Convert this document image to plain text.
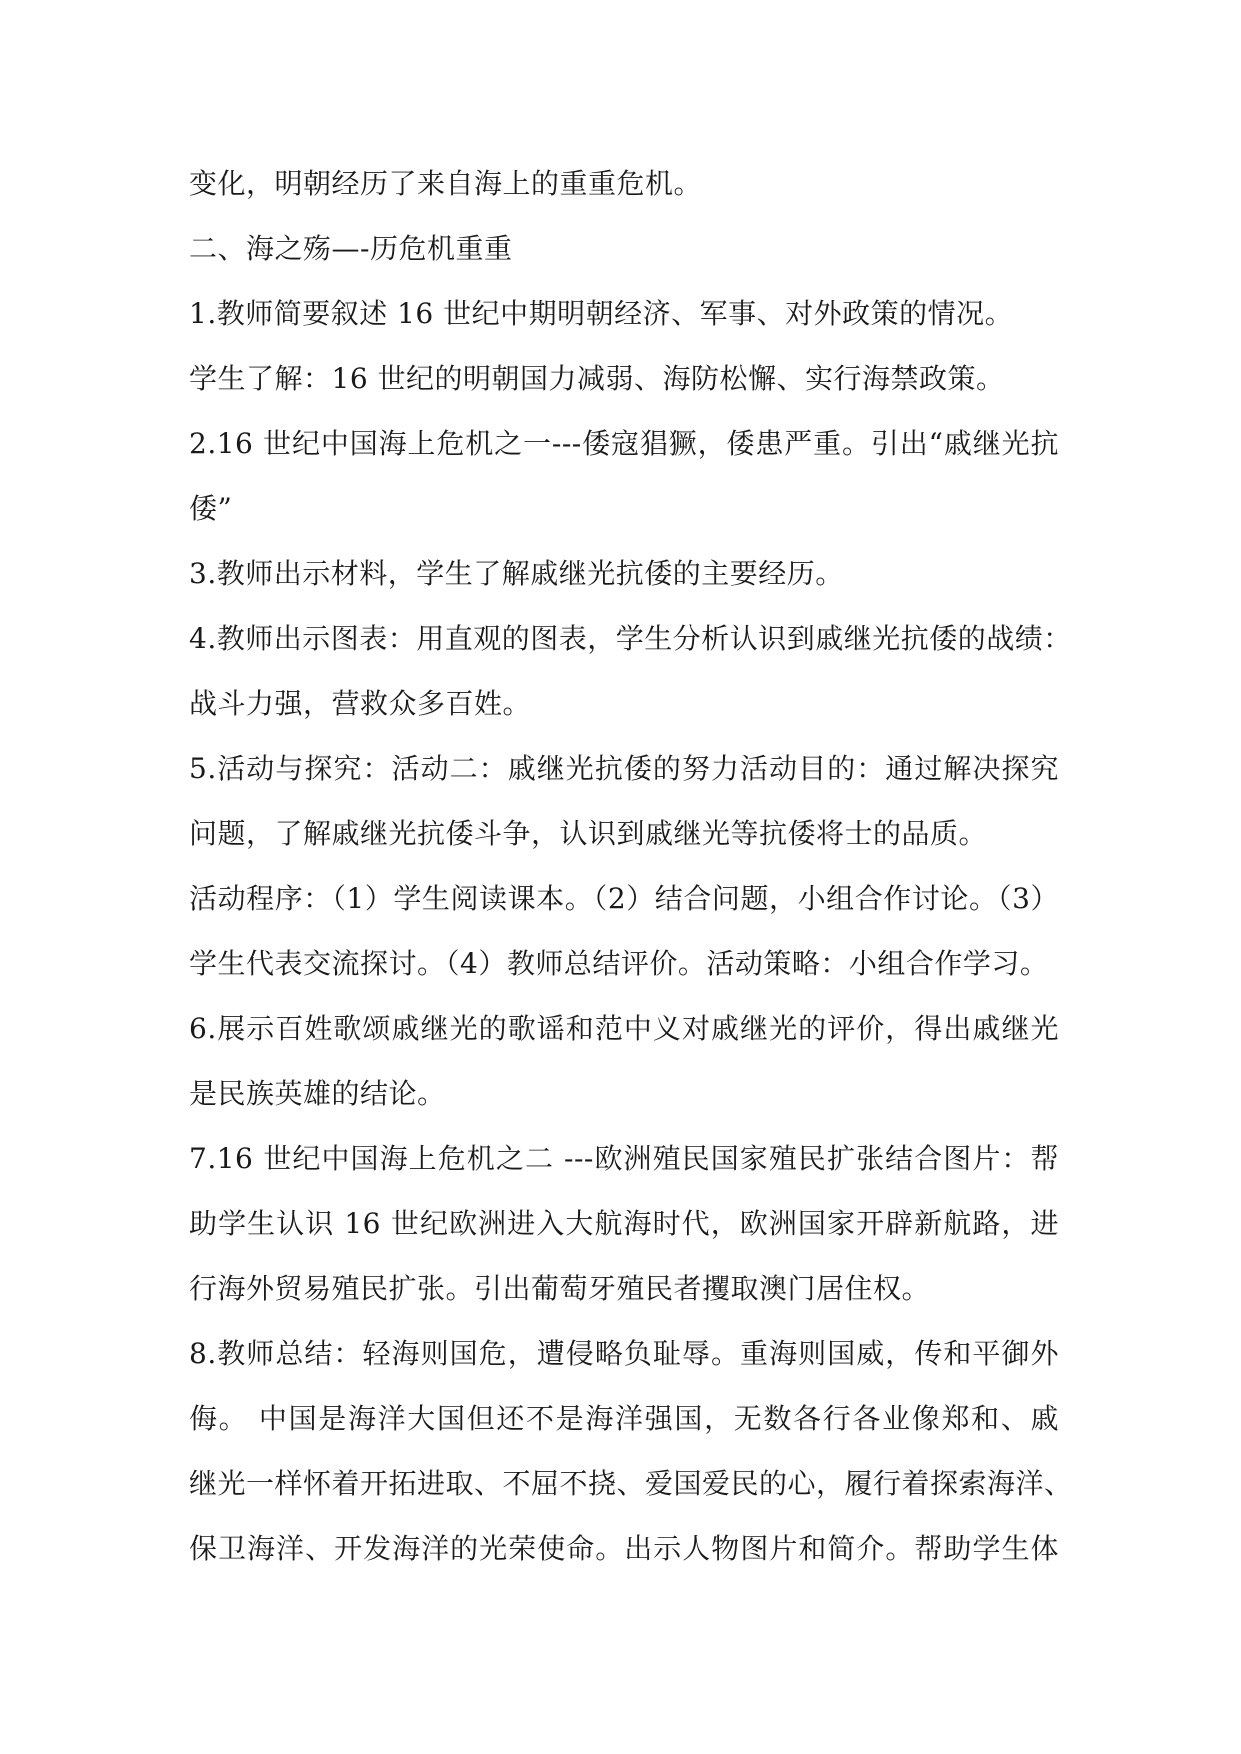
变化，明朝经历了来自海上的重重危机。
二、海之殇—-历危机重重
1.教师简要叙述 16 世纪中期明朝经济、军事、对外政策的情况。
学生了解：16 世纪的明朝国力减弱、海防松懈、实行海禁政策。
2.16 世纪中国海上危机之一---倭寇猖獗，倭患严重。引出“戚继光抗
倭”
3.教师出示材料，学生了解戚继光抗倭的主要经历。
4.教师出示图表：用直观的图表，学生分析认识到戚继光抗倭的战绩：
战斗力强，营救众多百姓。
5.活动与探究：活动二：戚继光抗倭的努力活动目的：通过解决探究
问题，了解戚继光抗倭斗争，认识到戚继光等抗倭将士的品质。
活动程序：（1）学生阅读课本。（2）结合问题，小组合作讨论。（3）
学生代表交流探讨。（4）教师总结评价。活动策略：小组合作学习。
6.展示百姓歌颂戚继光的歌谣和范中义对戚继光的评价，得出戚继光
是民族英雄的结论。
7.16 世纪中国海上危机之二 ---欧洲殖民国家殖民扩张结合图片：帮
助学生认识 16 世纪欧洲进入大航海时代，欧洲国家开辟新航路，进
行海外贸易殖民扩张。引出葡萄牙殖民者攫取澳门居住权。
8.教师总结：轻海则国危，遭侵略负耻辱。重海则国威，传和平御外
侮。 中国是海洋大国但还不是海洋强国，无数各行各业像郑和、戚
继光一样怀着开拓进取、不屈不挠、爱国爱民的心，履行着探索海洋、
保卫海洋、开发海洋的光荣使命。出示人物图片和简介。帮助学生体
